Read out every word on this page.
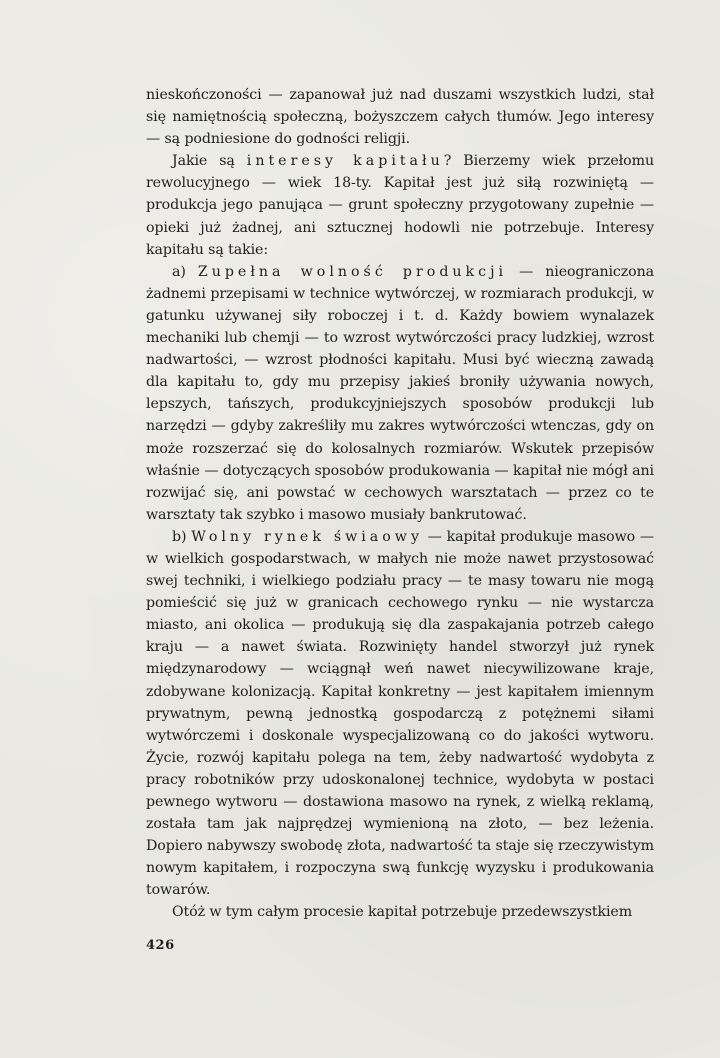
nieskończoności — zapanował już nad duszami wszystkich ludzi, stał się namiętnością społeczną, bożyszczem całych tłumów. Jego interesy — są podniesione do godności religji.

Jakie są interesy kapitału? Bierzemy wiek przełomu rewolucyjnego — wiek 18-ty. Kapitał jest już siłą rozwiniętą — produkcja jego panująca — grunt społeczny przygotowany zupełnie — opieki już żadnej, ani sztucznej hodowli nie potrzebuje. Interesy kapitału są takie:

a) Zupełna wolność produkcji — nieograniczona żadnemi przepisami w technice wytwórczej, w rozmiarach produkcji, w gatunku używanej siły roboczej i t. d. Każdy bowiem wynalazek mechaniki lub chemji — to wzrost wytwórczości pracy ludzkiej, wzrost nadwartości, — wzrost płodności kapitału. Musi być wieczną zawadą dla kapitału to, gdy mu przepisy jakieś broniły używania nowych, lepszych, tańszych, produkcyjniejszych sposobów produkcji lub narzędzi — gdyby zakreśliły mu zakres wytwórczości wtenczas, gdy on może rozszerzać się do kolosalnych rozmiarów. Wskutek przepisów właśnie — dotyczących sposobów produkowania — kapitał nie mógł ani rozwijać się, ani powstać w cechowych warsztatach — przez co te warsztaty tak szybko i masowo musiały bankrutować.

b) Wolny rynek świaowy — kapitał produkuje masowo — w wielkich gospodarstwach, w małych nie może nawet przystosować swej techniki, i wielkiego podziału pracy — te masy towaru nie mogą pomieścić się już w granicach cechowego rynku — nie wystarcza miasto, ani okolica — produkują się dla zaspakajania potrzeb całego kraju — a nawet świata. Rozwinięty handel stworzył już rynek międzynarodowy — wciągnął weń nawet niecywilizowane kraje, zdobywane kolonizacją. Kapitał konkretny — jest kapitałem imiennym prywatnym, pewną jednostką gospodarczą z potężnemi siłami wytwórczemi i doskonale wyspecjalizowaną co do jakości wytworu. Życie, rozwój kapitału polega na tem, żeby nadwartość wydobyta z pracy robotników przy udoskonalonej technice, wydobyta w postaci pewnego wytworu — dostawiona masowo na rynek, z wielką reklamą, została tam jak najprędzej wymienioną na złoto, — bez leżenia. Dopiero nabywszy swobodę złota, nadwartość ta staje się rzeczywistym nowym kapitałem, i rozpoczyna swą funkcję wyzysku i produkowania towarów.

Otóż w tym całym procesie kapitał potrzebuje przedewszystkiem

426
